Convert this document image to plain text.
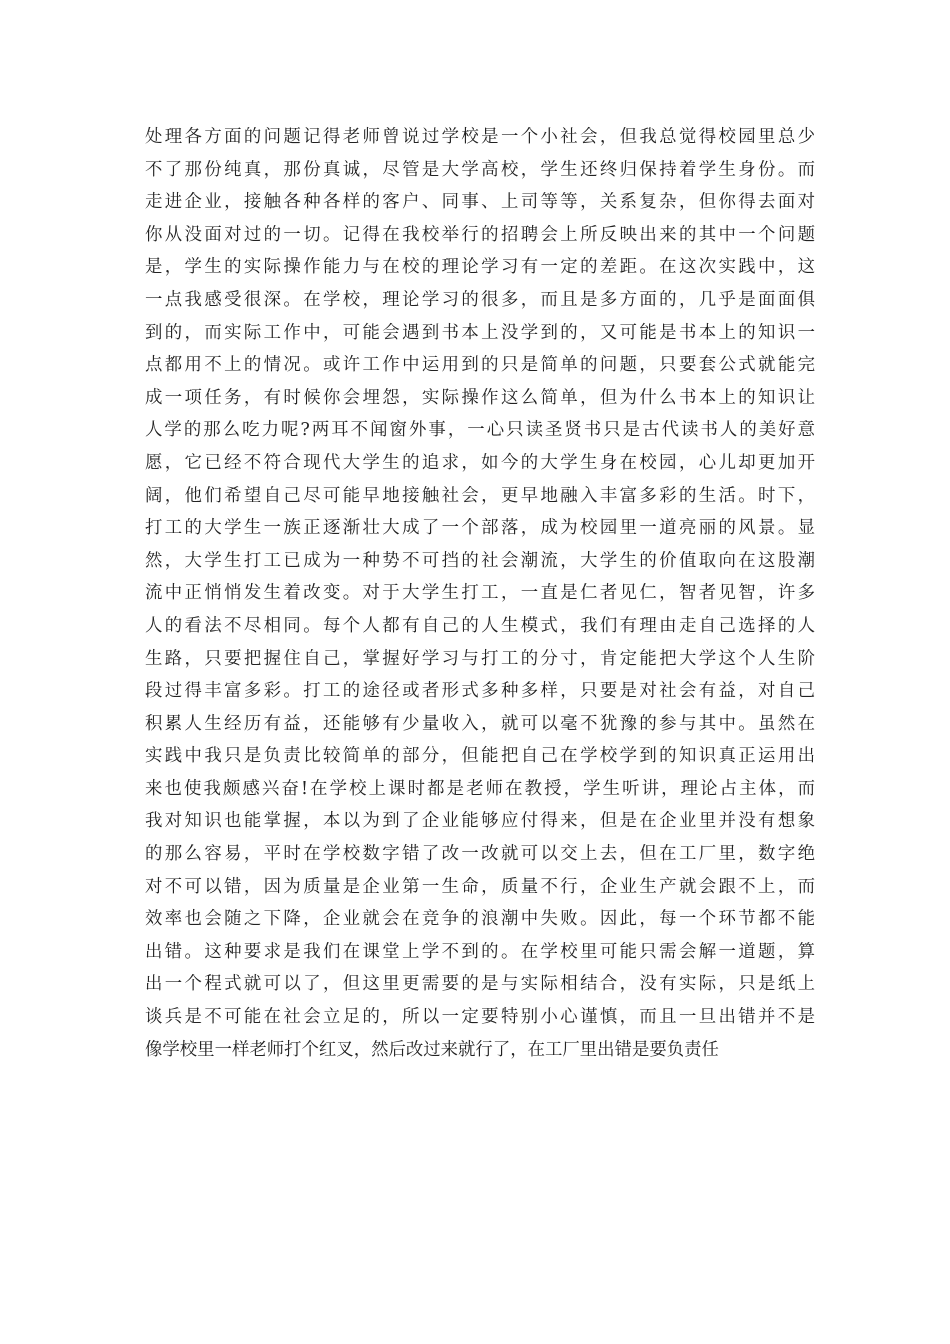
处理各方面的问题记得老师曾说过学校是一个小社会，但我总觉得校园里总少
不了那份纯真，那份真诚，尽管是大学高校，学生还终归保持着学生身份。而
走进企业，接触各种各样的客户、同事、上司等等，关系复杂，但你得去面对
你从没面对过的一切。记得在我校举行的招聘会上所反映出来的其中一个问题
是，学生的实际操作能力与在校的理论学习有一定的差距。在这次实践中，这
一点我感受很深。在学校，理论学习的很多，而且是多方面的，几乎是面面俱
到的，而实际工作中，可能会遇到书本上没学到的，又可能是书本上的知识一
点都用不上的情况。或许工作中运用到的只是简单的问题，只要套公式就能完
成一项任务，有时候你会埋怨，实际操作这么简单，但为什么书本上的知识让
人学的那么吃力呢?两耳不闻窗外事，一心只读圣贤书只是古代读书人的美好意
愿，它已经不符合现代大学生的追求，如今的大学生身在校园，心儿却更加开
阔，他们希望自己尽可能早地接触社会，更早地融入丰富多彩的生活。时下，
打工的大学生一族正逐渐壮大成了一个部落，成为校园里一道亮丽的风景。显
然，大学生打工已成为一种势不可挡的社会潮流，大学生的价值取向在这股潮
流中正悄悄发生着改变。对于大学生打工，一直是仁者见仁，智者见智，许多
人的看法不尽相同。每个人都有自己的人生模式，我们有理由走自己选择的人
生路，只要把握住自己，掌握好学习与打工的分寸，肯定能把大学这个人生阶
段过得丰富多彩。打工的途径或者形式多种多样，只要是对社会有益，对自己
积累人生经历有益，还能够有少量收入，就可以毫不犹豫的参与其中。虽然在
实践中我只是负责比较简单的部分，但能把自己在学校学到的知识真正运用出
来也使我颇感兴奋!在学校上课时都是老师在教授，学生听讲，理论占主体，而
我对知识也能掌握，本以为到了企业能够应付得来，但是在企业里并没有想象
的那么容易，平时在学校数字错了改一改就可以交上去，但在工厂里，数字绝
对不可以错，因为质量是企业第一生命，质量不行，企业生产就会跟不上，而
效率也会随之下降，企业就会在竞争的浪潮中失败。因此，每一个环节都不能
出错。这种要求是我们在课堂上学不到的。在学校里可能只需会解一道题，算
出一个程式就可以了，但这里更需要的是与实际相结合，没有实际，只是纸上
谈兵是不可能在社会立足的，所以一定要特别小心谨慎，而且一旦出错并不是
像学校里一样老师打个红叉，然后改过来就行了，在工厂里出错是要负责任
